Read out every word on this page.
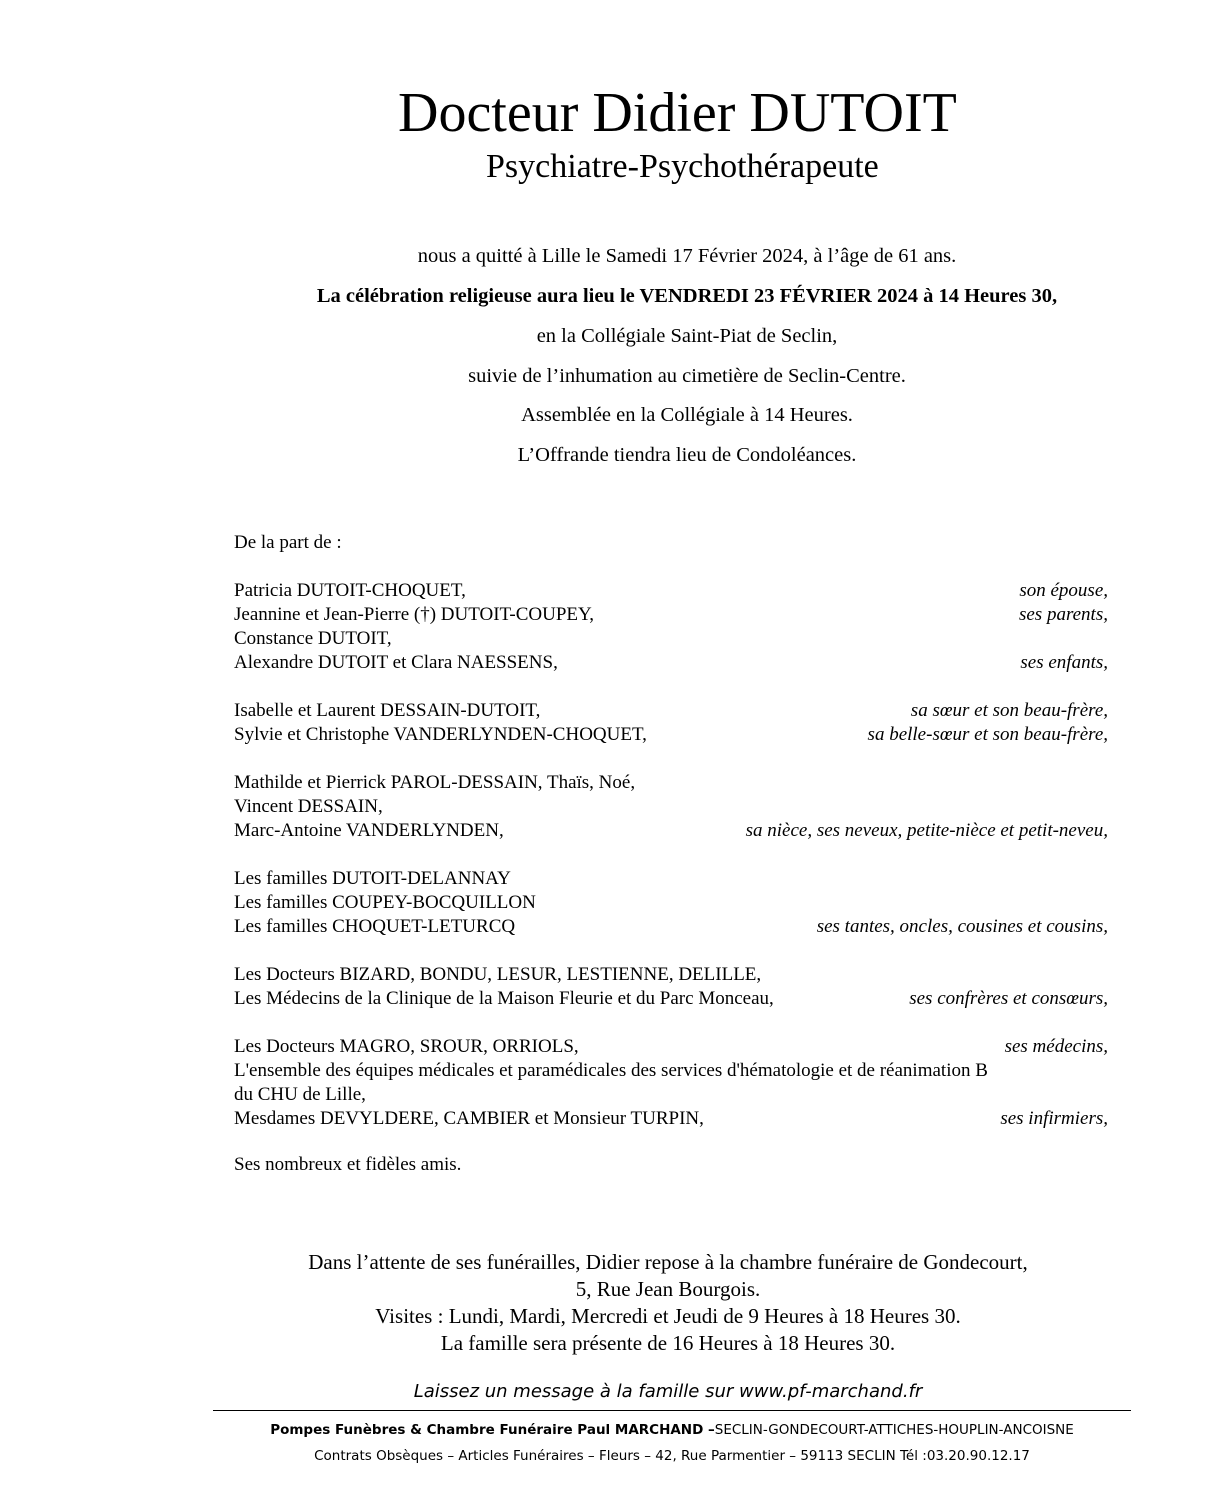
Docteur Didier DUTOIT
Psychiatre-Psychothérapeute
nous a quitté à Lille le Samedi 17 Février 2024, à l’âge de 61 ans.
La célébration religieuse aura lieu le VENDREDI 23 FÉVRIER 2024 à 14 Heures 30,
en la Collégiale Saint-Piat de Seclin,
suivie de l’inhumation au cimetière de Seclin-Centre.
Assemblée en la Collégiale à 14 Heures.
L’Offrande tiendra lieu de Condoléances.
De la part de :
Patricia DUTOIT-CHOQUET,	son épouse,
Jeannine et Jean-Pierre (†) DUTOIT-COUPEY,	ses parents,
Constance DUTOIT,
Alexandre DUTOIT et Clara NAESSENS,	ses enfants,
Isabelle et Laurent DESSAIN-DUTOIT,	sa sœur et son beau-frère,
Sylvie et Christophe VANDERLYNDEN-CHOQUET,	sa belle-sœur et son beau-frère,
Mathilde et Pierrick PAROL-DESSAIN, Thaïs, Noé,
Vincent DESSAIN,
Marc-Antoine VANDERLYNDEN,	sa nièce, ses neveux, petite-nièce et petit-neveu,
Les familles DUTOIT-DELANNAY
Les familles COUPEY-BOCQUILLON
Les familles CHOQUET-LETURCQ	ses tantes, oncles, cousines et cousins,
Les Docteurs BIZARD, BONDU, LESUR, LESTIENNE, DELILLE,
Les Médecins de la Clinique de la Maison Fleurie et du Parc Monceau,	ses confrères et consœurs,
Les Docteurs MAGRO, SROUR, ORRIOLS,	ses médecins,
L'ensemble des équipes médicales et paramédicales des services d'hématologie et de réanimation B
du CHU de Lille,
Mesdames DEVYLDERE, CAMBIER et Monsieur TURPIN,	ses infirmiers,
Ses nombreux et fidèles amis.
Dans l’attente de ses funérailles, Didier repose à la chambre funéraire de Gondecourt,
5, Rue Jean Bourgois.
Visites : Lundi, Mardi, Mercredi et Jeudi de 9 Heures à 18 Heures 30.
La famille sera présente de 16 Heures à 18 Heures 30.
Laissez un message à la famille sur www.pf-marchand.fr
Pompes Funèbres & Chambre Funéraire Paul MARCHAND –SECLIN-GONDECOURT-ATTICHES-HOUPLIN-ANCOISNE
Contrats Obsèques – Articles Funéraires – Fleurs – 42, Rue Parmentier – 59113 SECLIN Tél :03.20.90.12.17
